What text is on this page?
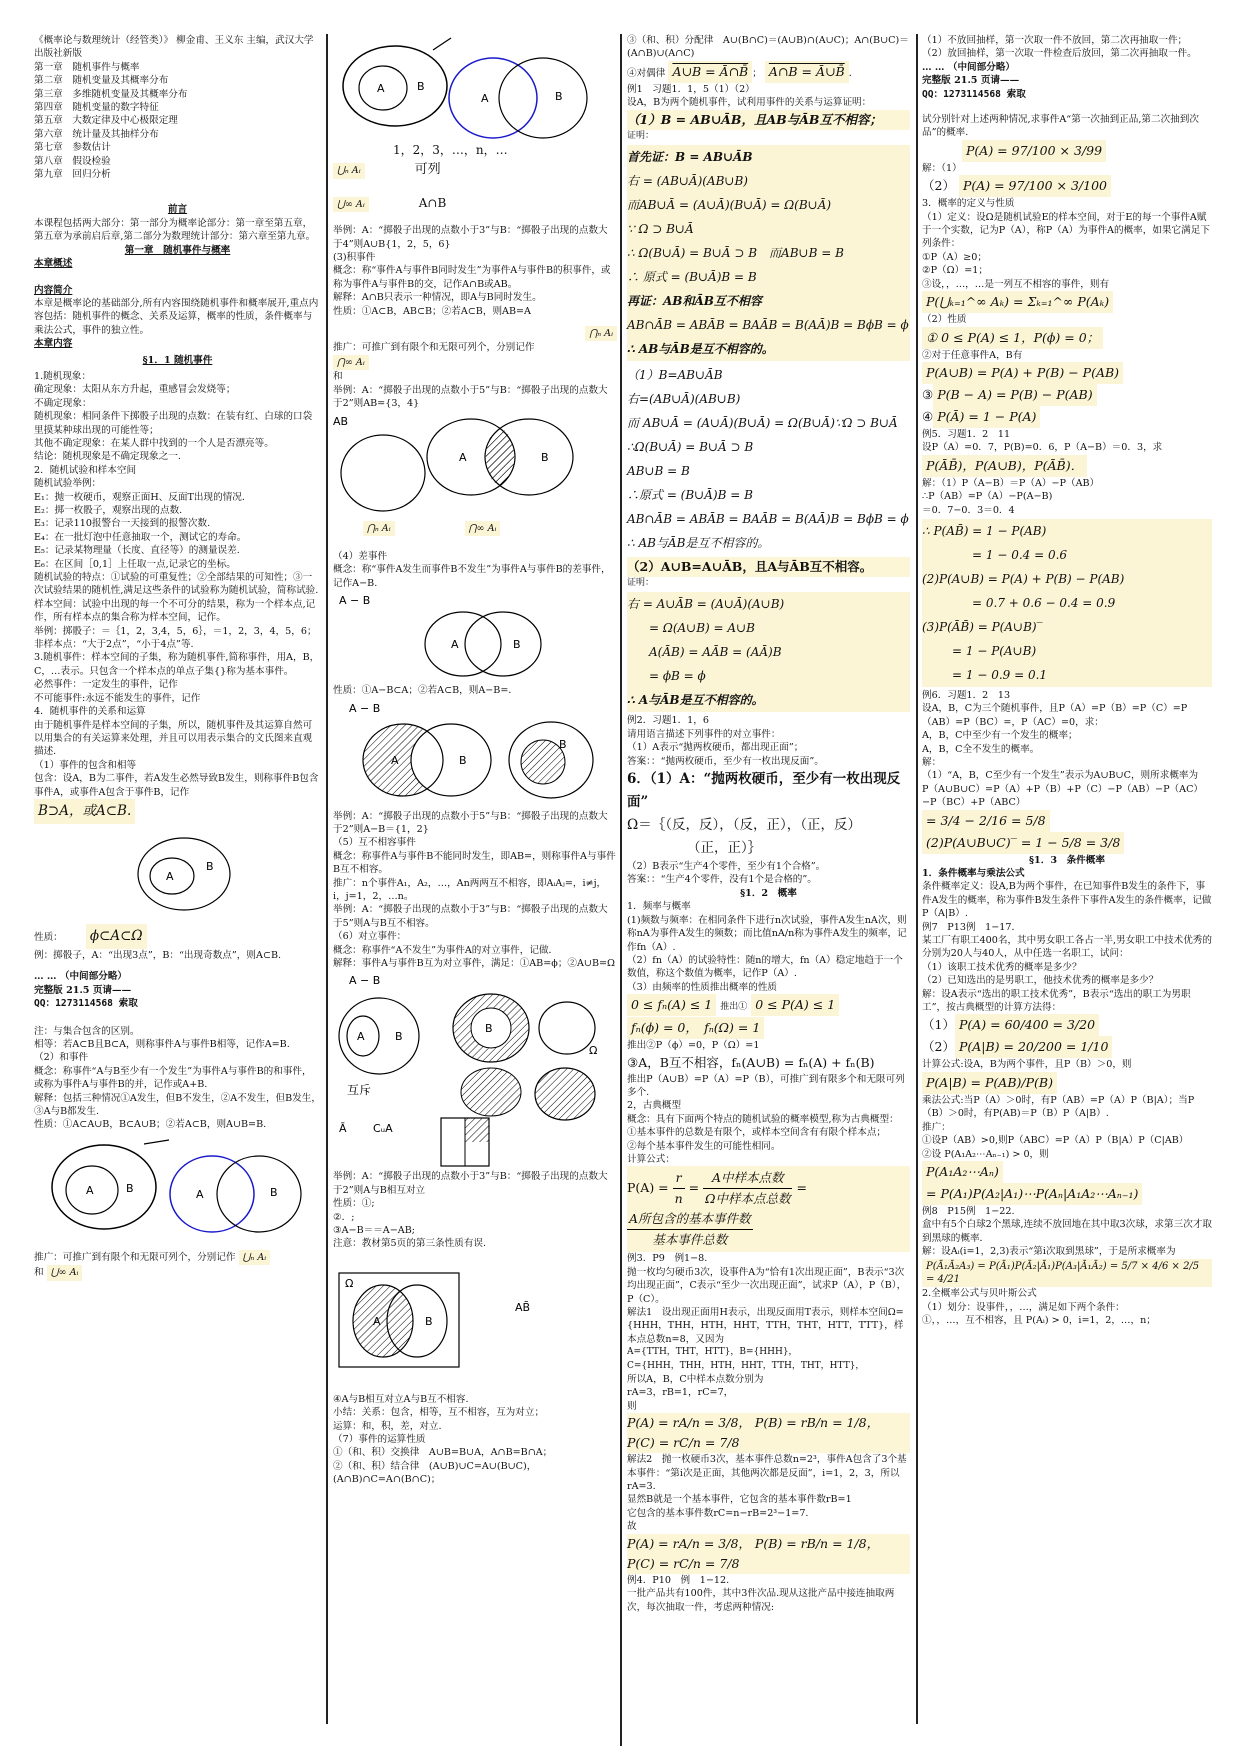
《概率论与数理统计（经管类）》 柳金甫、王义东 主编，武汉大学出版社新版

第一章　随机事件与概率

第二章　随机变量及其概率分布

第三章　多维随机变量及其概率分布

第四章　随机变量的数字特征

第五章　大数定律及中心极限定理

第六章　统计量及其抽样分布

第七章　参数估计

第八章　假设检验

第九章　回归分析

前言

本课程包括两大部分：第一部分为概率论部分：第一章至第五章，第五章为承前启后章,第二部分为数理统计部分：第六章至第九章。

第一章　随机事件与概率

本章概述

内容简介

本章是概率论的基础部分,所有内容围绕随机事件和概率展开,重点内容包括：随机事件的概念、关系及运算，概率的性质，条件概率与乘法公式，事件的独立性。

本章内容

§1．1 随机事件

1.随机现象：

确定现象：太阳从东方升起，重感冒会发烧等；

不确定现象：

随机现象：相同条件下掷骰子出现的点数：在装有红、白球的口袋里摸某种球出现的可能性等；

其他不确定现象：在某人群中找到的一个人是否漂亮等。

结论：随机现象是不确定现象之一.

2．随机试验和样本空间

随机试验举例：

E₁：抛一枚硬币，观察正面H、反面T出现的情况.

E₂：掷一枚骰子，观察出现的点数.

E₃：记录110报警台一天接到的报警次数.

E₄：在一批灯泡中任意抽取一个，测试它的寿命。

E₅：记录某物理量（长度、直径等）的测量误差.

E₆：在区间［0,1］上任取一点,记录它的坐标。

随机试验的特点：①试验的可重复性；②全部结果的可知性；③一次试验结果的随机性,满足这些条件的试验称为随机试验，简称试验.

样本空间：试验中出现的每一个不可分的结果，称为一个样本点,记作，所有样本点的集合称为样本空间，记作。

举例：掷骰子：＝｛1，2，3,4，5，6｝，＝1，2，3，4，5，6；非样本点：“大于2点”，“小于4点”等.

3.随机事件：样本空间的子集，称为随机事件,简称事件，用A，B，C，…表示。只包含一个样本点的单点子集{}称为基本事件。

必然事件：一定发生的事件，记作

不可能事件:永远不能发生的事件，记作

4．随机事件的关系和运算

由于随机事件是样本空间的子集，所以，随机事件及其运算自然可以用集合的有关运算来处理，并且可以用表示集合的文氏图来直观描述.

（1）事件的包含和相等

包含：设A，B为二事件，若A发生必然导致B发生，则称事件B包含事件A，或事件A包含于事件B，记作

B⊃A，或A⊂B.

A
B

性质： ϕ⊂A⊂Ω

例：掷骰子，A：“出现3点”，B：“出现奇数点”，则A⊂B.

… … （中间部分略）

完整版 21.5 页请——

QQ：1273114568 索取

注：与集合包含的区别。

相等：若A⊂B且B⊂A，则称事件A与事件B相等，记作A=B.

（2）和事件

概念：称事件“A与B至少有一个发生”为事件A与事件B的和事件，或称为事件A与事件B的并，记作或A+B.

解释：包括三种情况①A发生，但B不发生，②A不发生，但B发生，③A与B都发生.

性质：①A⊂A∪B，B⊂A∪B；②若A⊂B，则A∪B=B.

A	B	A	B

推广：可推广到有限个和无限可列个，分别记作 ⋃ₙ Aᵢ

和 ⋃∞ Aᵢ

A	B
A	B

1，2，3，…，n，…

⋃ₙ Aᵢ	可列

⋃∞ Aᵢ	A∩B

举例：A：“掷骰子出现的点数小于3”与B：“掷骰子出现的点数大于4”则A∪B{1，2，5，6}

(3)积事件

概念：称“事件A与事件B同时发生”为事件A与事件B的积事件，或称为事件A与事件B的交，记作A∩B或AB。

解释：A∩B只表示一种情况，即A与B同时发生。

性质：①A⊂B，AB⊂B；②若A⊂B，则AB=A

⋂ₙ Aᵢ

推广：可推广到有限个和无限可列个，分别记作

⋂∞ Aᵢ

和

举例：A：“掷骰子出现的点数小于5”与B：“掷骰子出现的点数大于2”则AB={3，4}

AB
A	B

⋂ₙ Aᵢ	⋂∞ Aᵢ

（4）差事件

概念：称“事件A发生而事件B不发生”为事件A与事件B的差事件，记作A−B.

A − B
A	B

性质：①A−B⊂A；②若A⊂B，则A−B=．

A − B
A	B
B

举例：A：“掷骰子出现的点数小于5”与B：“掷骰子出现的点数大于2”则A−B＝{1，2}

（5）互不相容事件

概念：称事件A与事件B不能同时发生，即AB=，则称事件A与事件B互不相容。

推广：n个事件A₁，A₂，…，An两两互不相容，即AᵢAⱼ=，i≠j，i，j=1，2，…n。

举例：A：“掷骰子出现的点数小于3”与B：“掷骰子出现的点数大于5”则A与B互不相容。

（6）对立事件：

概念：称事件“A不发生”为事件A的对立事件，记做．

解释：事件A与事件B互为对立事件，满足：①AB=ϕ；②A∪B=Ω

A − B
A	B
互斥
B
Ω
Ā CᵤA

举例：A：“掷骰子出现的点数小于3”与B：“掷骰子出现的点数大于2”则A与B相互对立

性质：①;

②．;

③A−B＝＝A−AB;

注意：教材第5页的第三条性质有误.

Ω
A	B
AB̄

④A与B相互对立A与B互不相容.

小结：关系：包含，相等，互不相容，互为对立；

运算：和，积，差，对立.

（7）事件的运算性质

①（和、积）交换律　A∪B=B∪A，A∩B=B∩A；

②（和、积）结合律　(A∪B)∪C=A∪(B∪C)，(A∩B)∩C=A∩(B∩C)；

③（和、积）分配律　A∪(B∩C)＝(A∪B)∩(A∪C)；A∩(B∪C)＝(A∩B)∪(A∩C)

④对偶律 A∪B = Ā∩B̄ ； A∩B = Ā∪B̄ ．

例1　习题1．1，5（1）（2）

设A，B为两个随机事件，试利用事件的关系与运算证明：

（1）B = AB∪ĀB，且AB与ĀB互不相容；

证明：

首先证：B = AB∪ĀB

右 = (AB∪Ā)(AB∪B)

而AB∪Ā = (A∪Ā)(B∪Ā) = Ω(B∪Ā)

∵ Ω ⊃ B∪Ā

∴ Ω(B∪Ā) = B∪Ā ⊃ B　而AB∪B = B

∴ 原式 = (B∪Ā)B = B

再证：AB和ĀB互不相容

AB∩ĀB = ABĀB = BAĀB = B(AĀ)B = BϕB = ϕ

∴ AB与ĀB是互不相容的。

（1）B=AB∪ĀB

右=(AB∪Ā)(AB∪B)

而 AB∪Ā = (A∪Ā)(B∪Ā) = Ω(B∪Ā)∵Ω ⊃ B∪Ā

∴Ω(B∪Ā) = B∪Ā ⊃ B

AB∪B = B

∴原式 = (B∪Ā)B = B

AB∩ĀB = ABĀB = BAĀB = B(AĀ)B = BϕB = ϕ

∴ AB与ĀB是互不相容的。

（2）A∪B=A∪ĀB，且A与ĀB互不相容。

证明：

右 = A∪ĀB = (A∪Ā)(A∪B)

= Ω(A∪B) = A∪B

A(ĀB) = AĀB = (AĀ)B

= ϕB = ϕ

∴ A与ĀB是互不相容的。

例2．习题1．1，6

请用语言描述下列事件的对立事件：

（1）A表示“抛两枚硬币，都出现正面”；

答案：：“抛两枚硬币，至少有一枚出现反面”。

6．（1）A：“抛两枚硬币，至少有一枚出现反面”

Ω＝｛（反，反），（反，正），（正，反）

（正，正）｝

（2）B表示“生产4个零件，至少有1个合格”。

答案：：“生产4个零件，没有1个是合格的”。

§1．2　概率

1．频率与概率

(1)频数与频率：在相同条件下进行n次试验，事件A发生nA次，则称nA为事件A发生的频数；而比值nA/n称为事件A发生的频率，记作fn（A）.

（2）fn（A）的试验特性：随n的增大，fn（A）稳定地趋于一个数值，称这个数值为概率，记作P（A）.

（3）由频率的性质推出概率的性质

0 ≤ fₙ(A) ≤ 1 推出① 0 ≤ P(A) ≤ 1

fₙ(ϕ) = 0，　fₙ(Ω) = 1

推出②P（ϕ）=0，P（Ω）=1

③A，B互不相容，fₙ(A∪B) = fₙ(A) + fₙ(B)

推出P（A∪B）=P（A）=P（B），可推广到有限多个和无限可列多个.

2，古典概型

概念：具有下面两个特点的随机试验的概率模型,称为古典概型：

①基本事件的总数是有限个，或样本空间含有有限个样本点；

②每个基本事件发生的可能性相同。

计算公式：

$P(A) = \frac{r}{n} = \frac{\text{A中样本点数}}{\text{Ω中样本点总数}}$ =
$\frac{\text{A所包含的基本事件数}}{\text{基本事件总数}}$

例3．P9　例1−8.

抛一枚均匀硬币3次，设事件A为“恰有1次出现正面”，B表示“3次均出现正面”，C表示“至少一次出现正面”，试求P（A），P（B），P（C）。

解法1　设出现正面用H表示，出现反面用T表示，则样本空间Ω={HHH，THH，HTH，HHT，TTH，THT，HTT，TTT}，样本点总数n=8，又因为

A={TTH，THT，HTT}，B={HHH}，

C={HHH，THH，HTH，HHT，TTH，THT，HTT}，

所以A，B，C中样本点数分别为

rA=3，rB=1，rC=7，

则

P(A) = rA/n = 3/8， P(B) = rB/n = 1/8， P(C) = rC/n = 7/8

解法2　抛一枚硬币3次，基本事件总数n=2³，事件A包含了3个基本事件：“第i次是正面，其他两次都是反面”，i=1，2，3，所以rA=3.

显然B就是一个基本事件，它包含的基本事件数rB=1

它包含的基本事件数rC=n−rB=2³−1=7.

故

P(A) = rA/n = 3/8， P(B) = rB/n = 1/8， P(C) = rC/n = 7/8

例4．P10　例　1−12.

一批产品共有100件，其中3件次品.现从这批产品中接连抽取两次，每次抽取一件，考虑两种情况:

（1）不放回抽样，第一次取一件不放回，第二次再抽取一件；

（2）放回抽样，第一次取一件检查后放回，第二次再抽取一件。

… … （中间部分略）

完整版 21.5 页请——

QQ：1273114568 索取

试分别针对上述两种情况,求事件A“第一次抽到正品,第二次抽到次品”的概率.

P(A) = 97/100 × 3/99

解：（1）

（2） P(A) = 97/100 × 3/100

3．概率的定义与性质

（1）定义：设Ω是随机试验E的样本空间，对于E的每一个事件A赋于一个实数，记为P（A），称P（A）为事件A的概率，如果它满足下列条件：

①P（A）≥0；

②P（Ω）=1；

③设，，…，…是一列互不相容的事件，则有

P(⋃ₖ₌₁^∞ Aₖ) = Σₖ₌₁^∞ P(Aₖ)

（2）性质

① 0 ≤ P(A) ≤ 1，P(ϕ) = 0；

②对于任意事件A，B有

P(A∪B) = P(A) + P(B) − P(AB)

③ P(B − A) = P(B) − P(AB)

④ P(Ā) = 1 − P(A)

例5．习题1．2　11

设P（A）=0．7，P(B)=0．6，P（A−B）＝0．3，求

P(ĀB̄)，P(A∪B)，P(ĀB̄)．

解：（1）P（A−B）＝P（A）−P（AB）

∴P（AB）=P（A）−P(A−B)

＝0．7−0．3＝0．4

∴ P(AB̄) = 1 − P(AB)

= 1 − 0.4 = 0.6

(2)P(A∪B) = P(A) + P(B) − P(AB)

= 0.7 + 0.6 − 0.4 = 0.9

(3)P(ĀB̄) = P(A∪B)‾

= 1 − P(A∪B)

= 1 − 0.9 = 0.1

例6．习题1．2　13

设A，B，C为三个随机事件，且P（A）=P（B）=P（C）=P（AB）=P（BC）=，P（AC）=0，求：

A，B，C中至少有一个发生的概率；

A，B，C全不发生的概率。

解：

（1）“A，B，C至少有一个发生”表示为A∪B∪C，则所求概率为

P（A∪B∪C）=P（A）+P（B）+P（C）−P（AB）−P（AC）−P（BC）+P（ABC）

= 3/4 − 2/16 = 5/8

(2)P(A∪B∪C)‾ = 1 − 5/8 = 3/8

§1．3　条件概率

1．条件概率与乘法公式

条件概率定义：设A,B为两个事件，在已知事件B发生的条件下，事件A发生的概率，称为事件B发生条件下事件A发生的条件概率，记做P（A|B）.

例7　P13例　1−17．

某工厂有职工400名，其中男女职工各占一半,男女职工中技术优秀的分别为20人与40人，从中任选一名职工，试问：

（1）该职工技术优秀的概率是多少？

（2）已知选出的是男职工，他技术优秀的概率是多少？

解：设A表示“选出的职工技术优秀”，B表示“选出的职工为男职工”，按古典概型的计算方法得：

（1） P(A) = 60/400 = 3/20

（2） P(A|B) = 20/200 = 1/10

计算公式:设A，B为两个事件，且P（B）＞0，则

P(A|B) = P(AB)/P(B)

乘法公式:当P（A）＞0时，有P（AB）=P（A）P（B|A）；当P（B）＞0时，有P(AB)＝P（B）P（A|B）.

推广：

①设P（AB）>0,则P（ABC）=P（A）P（B|A）P（C|AB）

②设 P(A₁A₂⋯Aₙ₋₁) > 0，则

P(A₁A₂⋯Aₙ)

= P(A₁)P(A₂|A₁)⋯P(Aₙ|A₁A₂⋯Aₙ₋₁)

例8　P15例　1−22.

盒中有5个白球2个黑球,连续不放回地在其中取3次球，求第三次才取到黑球的概率．

解：设Aᵢ(i=1，2,3)表示“第i次取到黑球”，于是所求概率为

P(Ā₁Ā₂A₃) = P(Ā₁)P(Ā₂|Ā₁)P(A₃|Ā₁Ā₂) = 5/7 × 4/6 × 2/5 = 4/21

2.全概率公式与贝叶斯公式

（1）划分：设事件，，…，满足如下两个条件：

①，，…，互不相容，且 P(Aᵢ) > 0，i=1，2，…，n；
